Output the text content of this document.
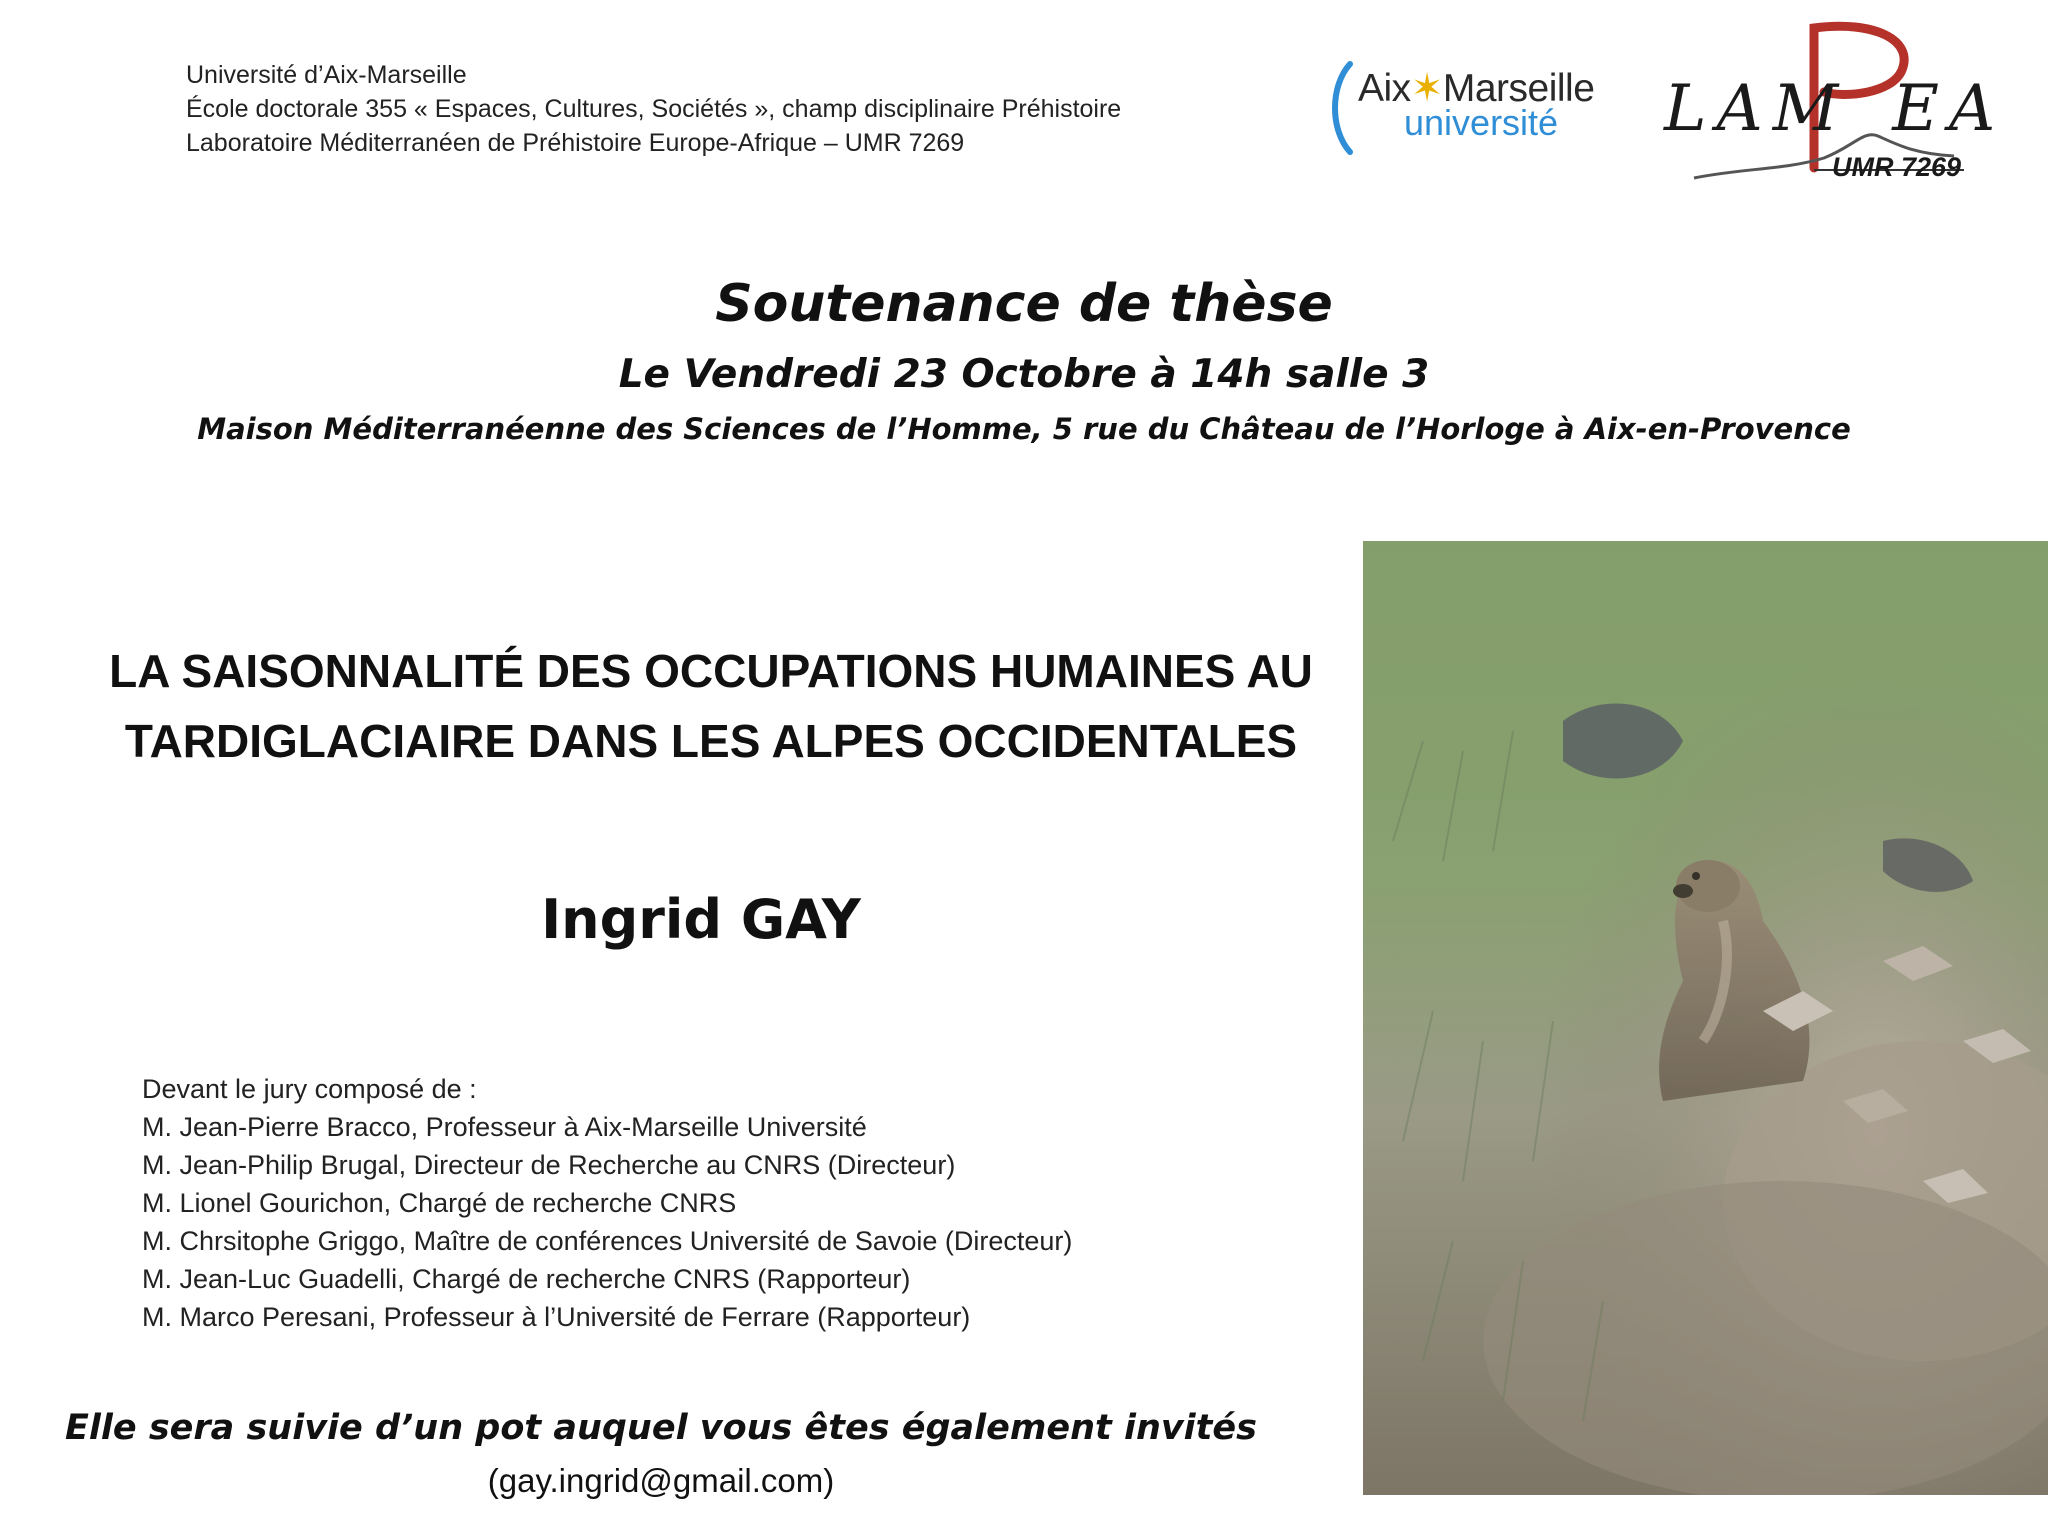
Université d’Aix-Marseille
École doctorale 355 « Espaces, Cultures, Sociétés », champ disciplinaire Préhistoire
Laboratoire Méditerranéen de Préhistoire Europe-Afrique – UMR 7269
Aix✶Marseille
université LAM EA
UMR 7269
Soutenance de thèse
Le Vendredi 23 Octobre à 14h salle 3
Maison Méditerranéenne des Sciences de l’Homme, 5 rue du Château de l’Horloge à Aix-en-Provence
LA SAISONNALITÉ DES OCCUPATIONS HUMAINES AU
TARDIGLACIAIRE DANS LES ALPES OCCIDENTALES
Ingrid GAY
Devant le jury composé de :
M. Jean-Pierre Bracco, Professeur à Aix-Marseille Université
M. Jean-Philip Brugal, Directeur de Recherche au CNRS (Directeur)
M. Lionel Gourichon, Chargé de recherche CNRS
M. Chrsitophe Griggo, Maître de conférences Université de Savoie (Directeur)
M. Jean-Luc Guadelli, Chargé de recherche CNRS (Rapporteur)
M. Marco Peresani, Professeur à l’Université de Ferrare (Rapporteur)
Elle sera suivie d’un pot auquel vous êtes également invités
(gay.ingrid@gmail.com)
